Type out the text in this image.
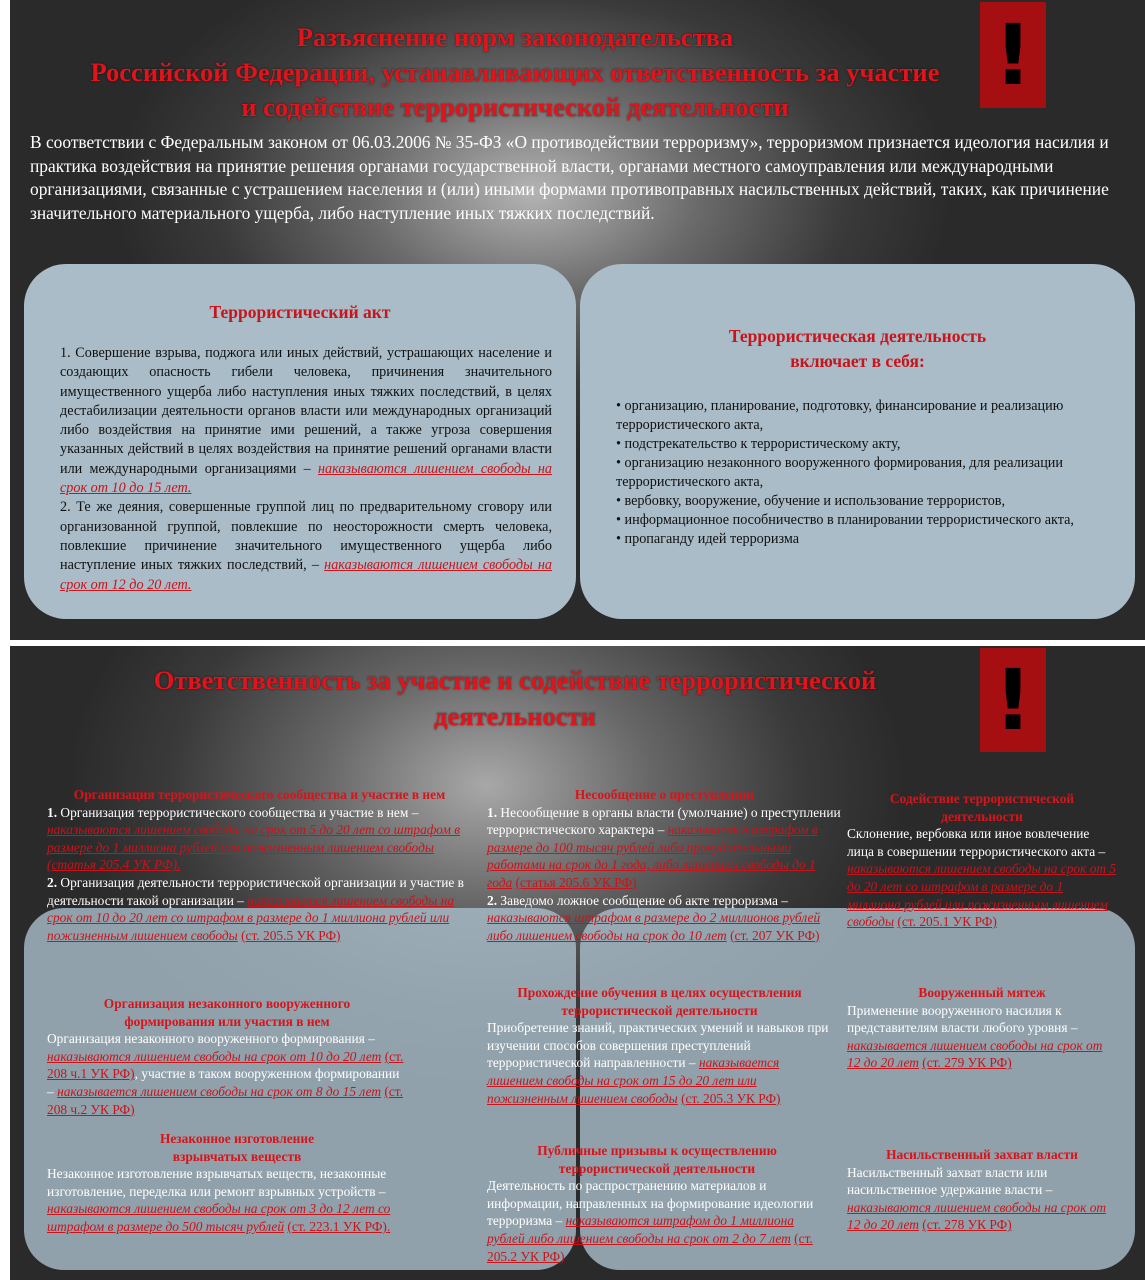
Разъяснение норм законодательства
Российской Федерации, устанавливающих ответственность за участие
и содействие террористической деятельности
!
В соответствии с Федеральным законом от 06.03.2006 № 35-ФЗ «О противодействии терроризму», терроризмом признается идеология насилия и практика воздействия на принятие решения органами государственной власти, органами местного самоуправления или международными организациями, связанные с устрашением населения и (или) иными формами противоправных насильственных действий, таких, как причинение значительного материального ущерба, либо наступление иных тяжких последствий.
Террористический акт
1. Совершение взрыва, поджога или иных действий, устрашающих население и создающих опасность гибели человека, причинения значительного имущественного ущерба либо наступления иных тяжких последствий, в целях дестабилизации деятельности органов власти или международных организаций либо воздействия на принятие ими решений, а также угроза совершения указанных действий в целях воздействия на принятие решений органами власти или международными организациями – наказываются лишением свободы на срок от 10 до 15 лет.
2. Те же деяния, совершенные группой лиц по предварительному сговору или организованной группой, повлекшие по неосторожности смерть человека, повлекшие причинение значительного имущественного ущерба либо наступление иных тяжких последствий, – наказываются лишением свободы на срок от 12 до 20 лет.
Террористическая деятельность
включает в себя:
• организацию, планирование, подготовку, финансирование и реализацию террористического акта,
• подстрекательство к террористическому акту,
• организацию незаконного вооруженного формирования, для реализации террористического акта,
• вербовку, вооружение, обучение и использование террористов,
• информационное пособничество в планировании террористического акта,
• пропаганду идей терроризма
Ответственность за участие и содействие террористической
деятельности	!
Организация террористического сообщества и участие в нем
1. Организация террористического сообщества и участие в нем – наказываются лишением свободы на срок от 5 до 20 лет со штрафом в размере до 1 миллиона рублей или пожизненным лишением свободы (статья 205.4 УК РФ).
2. Организация деятельности террористической организации и участие в деятельности такой организации – наказывается лишением свободы на срок от 10 до 20 лет со штрафом в размере до 1 миллиона рублей или пожизненным лишением свободы (ст. 205.5 УК РФ)
Организация незаконного вооруженного
формирования или участия в нем
Организация незаконного вооруженного формирования – наказываются лишением свободы на срок от 10 до 20 лет (ст. 208 ч.1 УК РФ), участие в таком вооруженном формировании – наказывается лишением свободы на срок от 8 до 15 лет (ст. 208 ч.2 УК РФ)
Незаконное изготовление
взрывчатых веществ
Незаконное изготовление взрывчатых веществ, незаконные изготовление, переделка или ремонт взрывных устройств – наказываются лишением свободы на срок от 3 до 12 лет со штрафом в размере до 500 тысяч рублей (ст. 223.1 УК РФ).
Несообщение о преступлении
1. Несообщение в органы власти (умолчание) о преступлении террористического характера – наказывается штрафом в размере до 100 тысяч рублей либо принудительными работами на срок до 1 года, либо лишением свободы до 1 года (статья 205.6 УК РФ)
2. Заведомо ложное сообщение об акте терроризма – наказываются штрафом в размере до 2 миллионов рублей либо лишением свободы на срок до 10 лет (ст. 207 УК РФ)
Прохождение обучения в целях осуществления
террористической деятельности
Приобретение знаний, практических умений и навыков при изучении способов совершения преступлений террористической направленности – наказывается лишением свободы на срок от 15 до 20 лет или пожизненным лишением свободы (ст. 205.3 УК РФ)
Публичные призывы к осуществлению
террористической деятельности
Деятельность по распространению материалов и информации, направленных на формирование идеологии терроризма – наказываются штрафом до 1 миллиона рублей либо лишением свободы на срок от 2 до 7 лет (ст. 205.2 УК РФ)
Содействие террористической
деятельности
Склонение, вербовка или иное вовлечение лица в совершении террористического акта – наказываются лишением свободы на срок от 5 до 20 лет со штрафом в размере до 1 миллиона рублей или пожизненным лишением свободы (ст. 205.1 УК РФ)
Вооруженный мятеж
Применение вооруженного насилия к представителям власти любого уровня – наказывается лишением свободы на срок от 12 до 20 лет (ст. 279 УК РФ)
Насильственный захват власти
Насильственный захват власти или насильственное удержание власти – наказываются лишением свободы на срок от 12 до 20 лет (ст. 278 УК РФ)
